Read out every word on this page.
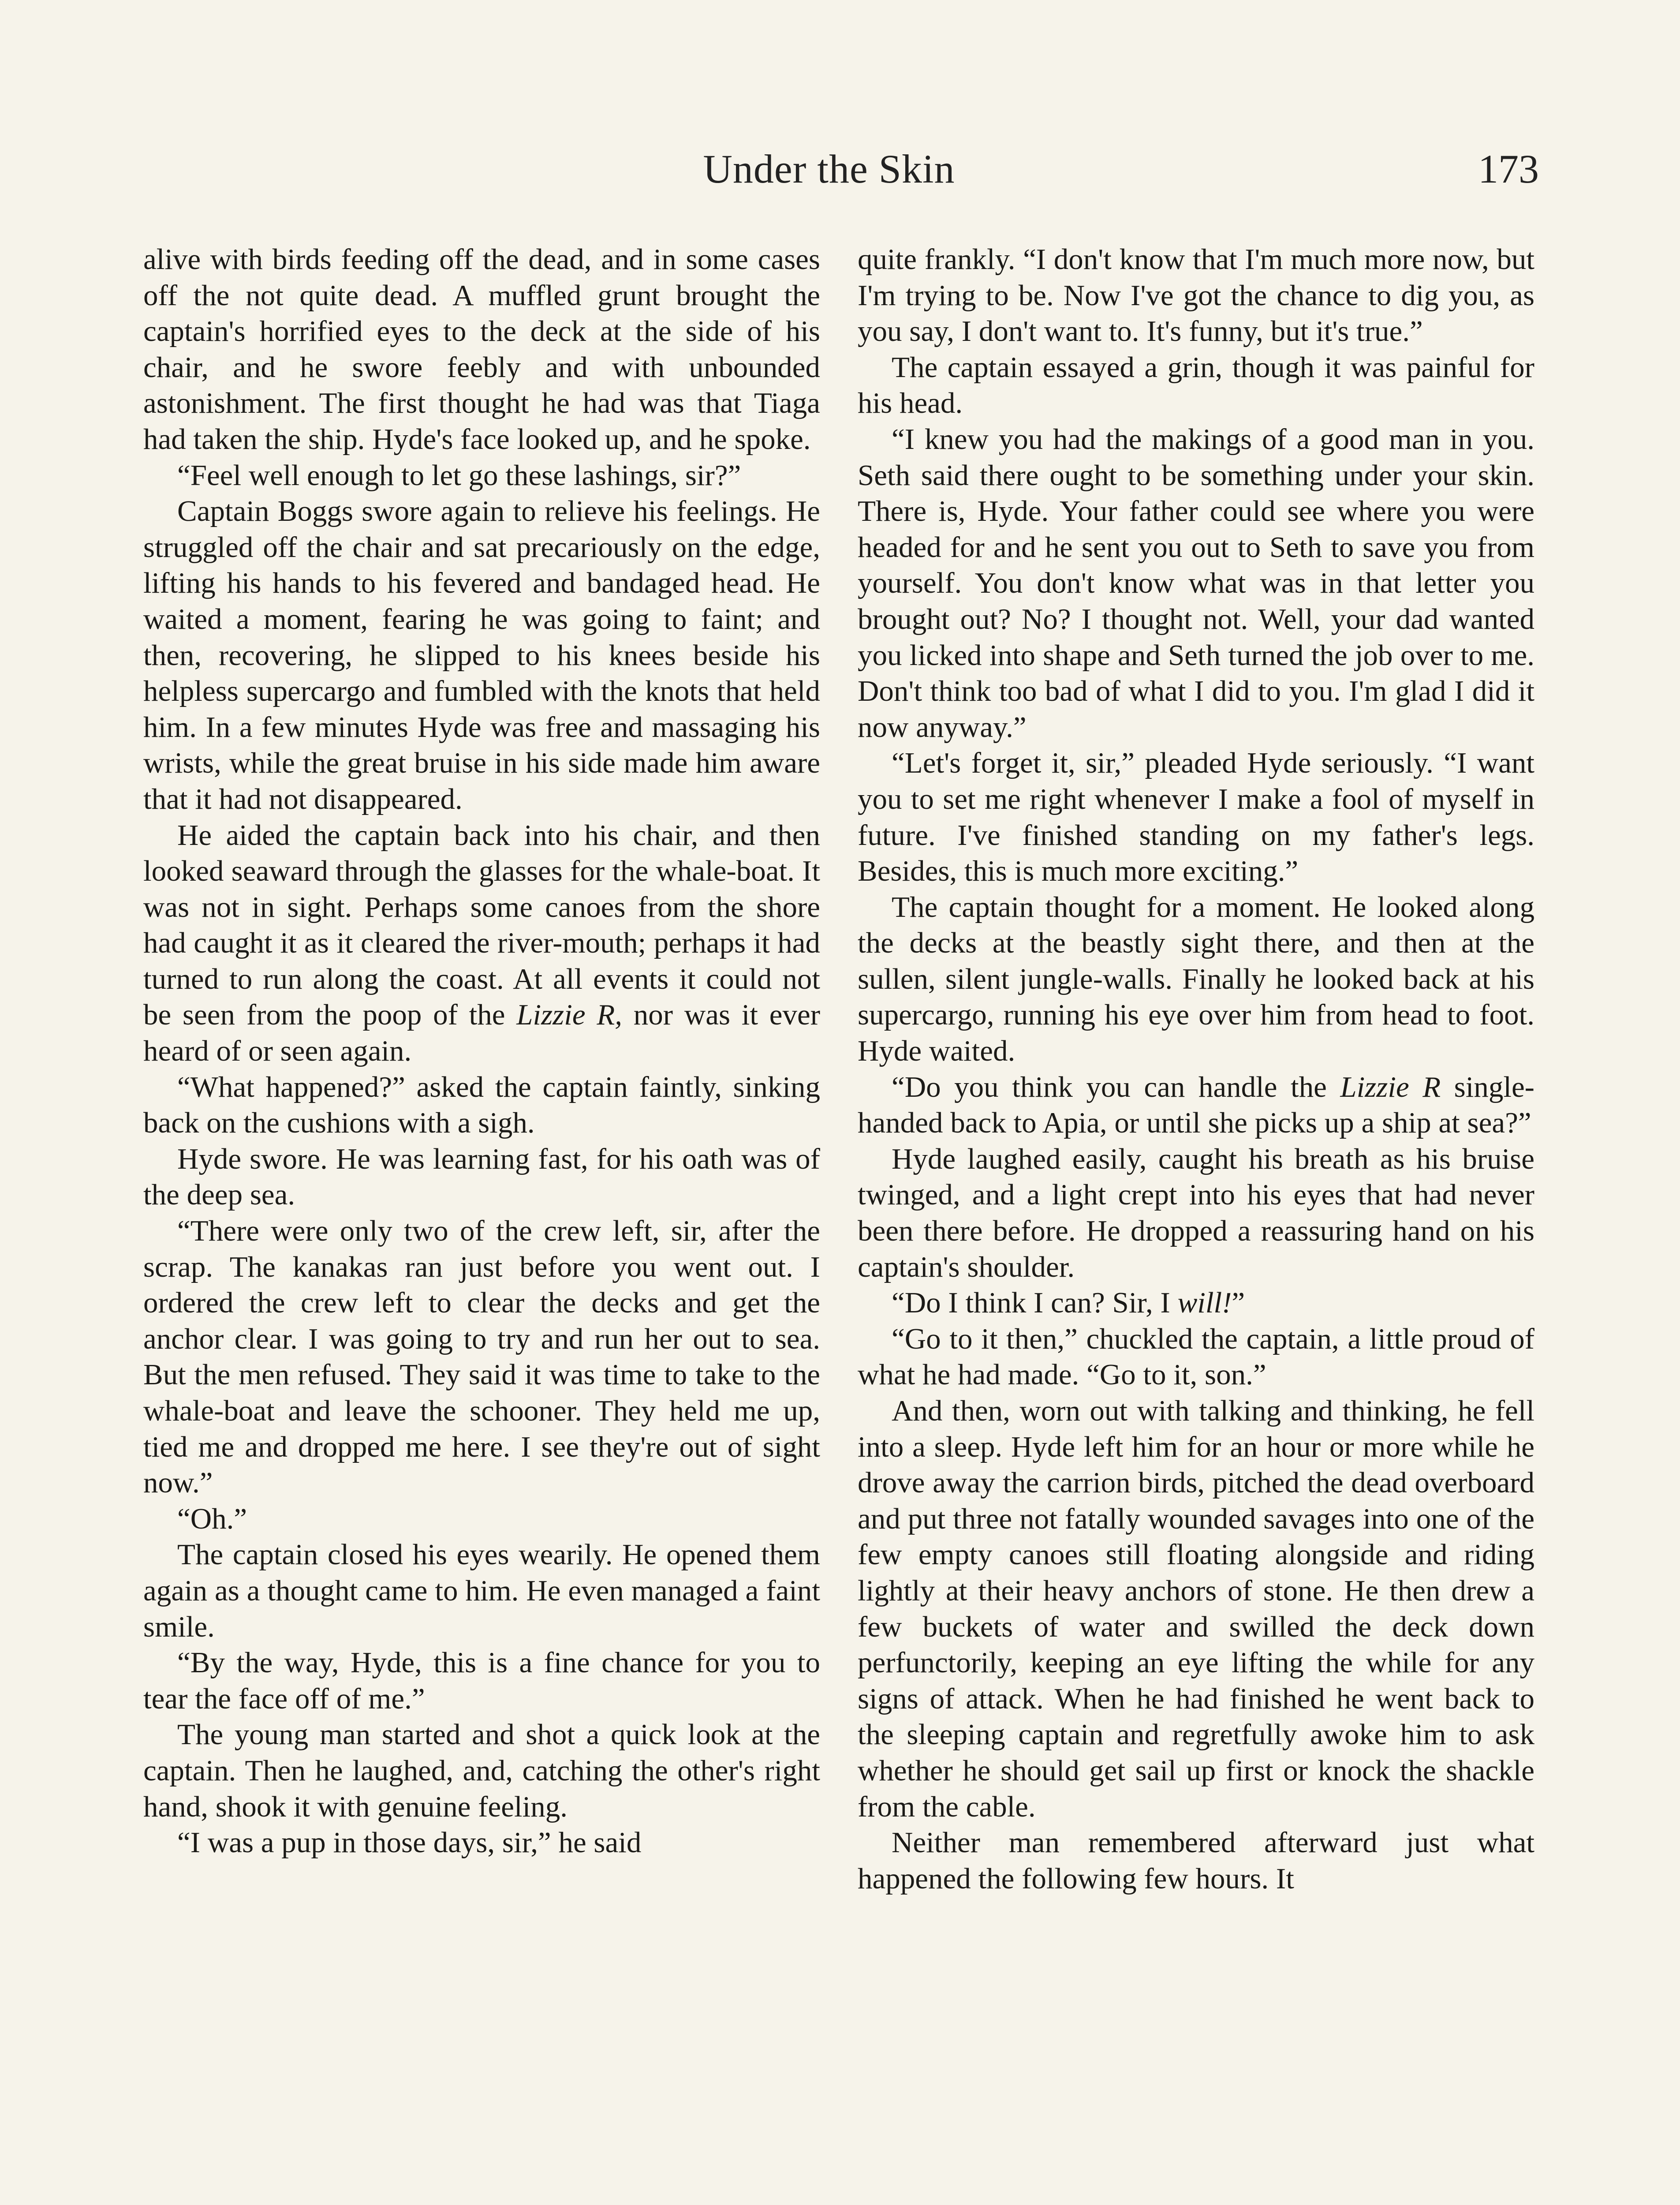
Under the Skin	173

alive with birds feeding off the dead, and in some cases off the not quite dead. A muffled grunt brought the captain's horrified eyes to the deck at the side of his chair, and he swore feebly and with unbounded astonishment. The first thought he had was that Tiaga had taken the ship. Hyde's face looked up, and he spoke.

“Feel well enough to let go these lashings, sir?”

Captain Boggs swore again to relieve his feelings. He struggled off the chair and sat precariously on the edge, lifting his hands to his fevered and bandaged head. He waited a moment, fearing he was going to faint; and then, recovering, he slipped to his knees beside his helpless supercargo and fumbled with the knots that held him. In a few minutes Hyde was free and massaging his wrists, while the great bruise in his side made him aware that it had not disappeared.

He aided the captain back into his chair, and then looked seaward through the glasses for the whale-boat. It was not in sight. Perhaps some canoes from the shore had caught it as it cleared the river-mouth; perhaps it had turned to run along the coast. At all events it could not be seen from the poop of the Lizzie R, nor was it ever heard of or seen again.

“What happened?” asked the captain faintly, sinking back on the cushions with a sigh.

Hyde swore. He was learning fast, for his oath was of the deep sea.

“There were only two of the crew left, sir, after the scrap. The kanakas ran just before you went out. I ordered the crew left to clear the decks and get the anchor clear. I was going to try and run her out to sea. But the men refused. They said it was time to take to the whale-boat and leave the schooner. They held me up, tied me and dropped me here. I see they're out of sight now.”

“Oh.”

The captain closed his eyes wearily. He opened them again as a thought came to him. He even managed a faint smile.

“By the way, Hyde, this is a fine chance for you to tear the face off of me.”

The young man started and shot a quick look at the captain. Then he laughed, and, catching the other's right hand, shook it with genuine feeling.

“I was a pup in those days, sir,” he said

quite frankly. “I don't know that I'm much more now, but I'm trying to be. Now I've got the chance to dig you, as you say, I don't want to. It's funny, but it's true.”

The captain essayed a grin, though it was painful for his head.

“I knew you had the makings of a good man in you. Seth said there ought to be something under your skin. There is, Hyde. Your father could see where you were headed for and he sent you out to Seth to save you from yourself. You don't know what was in that letter you brought out? No? I thought not. Well, your dad wanted you licked into shape and Seth turned the job over to me. Don't think too bad of what I did to you. I'm glad I did it now anyway.”

“Let's forget it, sir,” pleaded Hyde seriously. “I want you to set me right whenever I make a fool of myself in future. I've finished standing on my father's legs. Besides, this is much more exciting.”

The captain thought for a moment. He looked along the decks at the beastly sight there, and then at the sullen, silent jungle-walls. Finally he looked back at his supercargo, running his eye over him from head to foot. Hyde waited.

“Do you think you can handle the Lizzie R single-handed back to Apia, or until she picks up a ship at sea?”

Hyde laughed easily, caught his breath as his bruise twinged, and a light crept into his eyes that had never been there before. He dropped a reassuring hand on his captain's shoulder.

“Do I think I can? Sir, I will!”

“Go to it then,” chuckled the captain, a little proud of what he had made. “Go to it, son.”

And then, worn out with talking and thinking, he fell into a sleep. Hyde left him for an hour or more while he drove away the carrion birds, pitched the dead overboard and put three not fatally wounded savages into one of the few empty canoes still floating alongside and riding lightly at their heavy anchors of stone. He then drew a few buckets of water and swilled the deck down perfunctorily, keeping an eye lifting the while for any signs of attack. When he had finished he went back to the sleeping captain and regretfully awoke him to ask whether he should get sail up first or knock the shackle from the cable.

Neither man remembered afterward just what happened the following few hours. It
